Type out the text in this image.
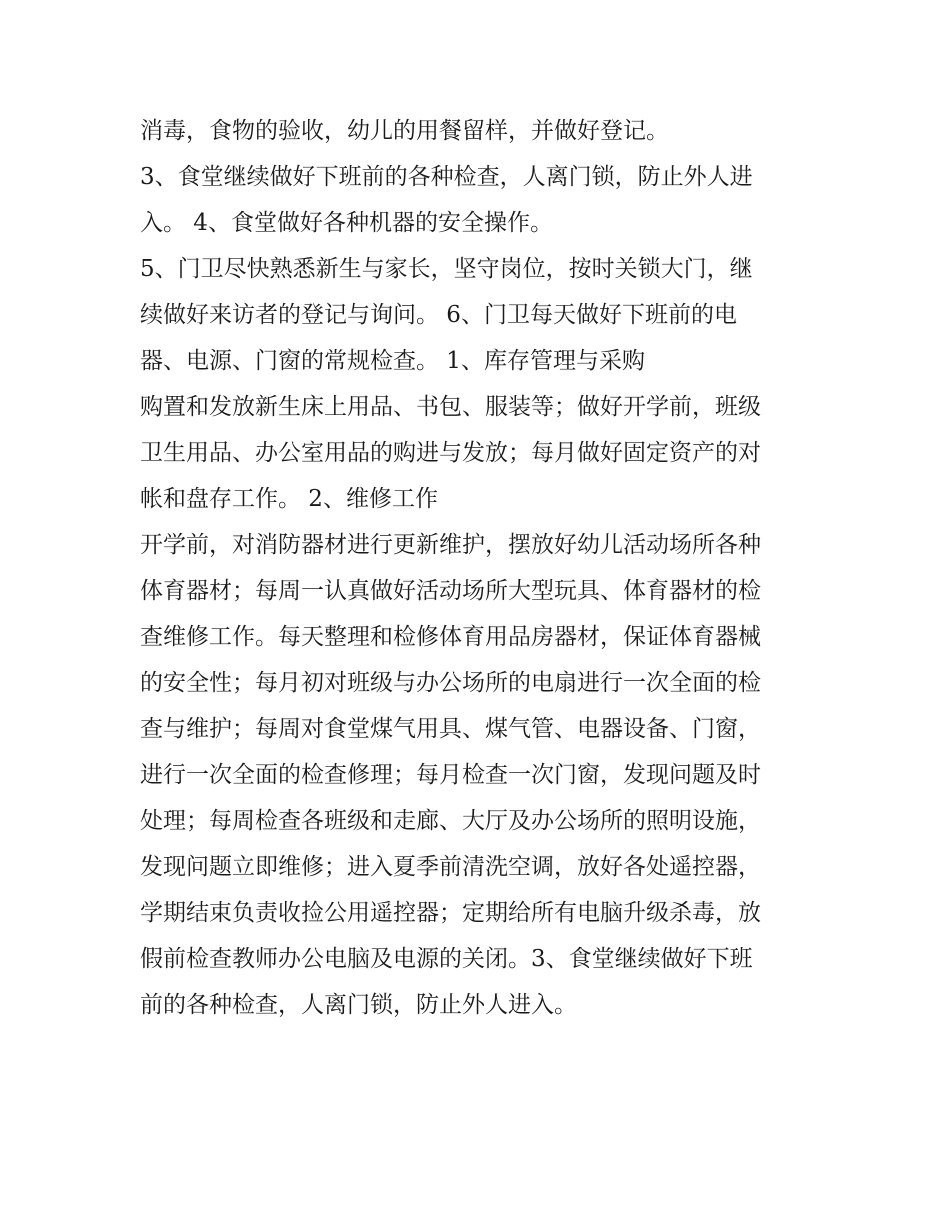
消毒，食物的验收，幼儿的用餐留样，并做好登记。
3、食堂继续做好下班前的各种检查，人离门锁，防止外人进
入。 4、食堂做好各种机器的安全操作。
5、门卫尽快熟悉新生与家长，坚守岗位，按时关锁大门，继
续做好来访者的登记与询问。 6、门卫每天做好下班前的电
器、电源、门窗的常规检查。 1、库存管理与采购
购置和发放新生床上用品、书包、服装等；做好开学前，班级
卫生用品、办公室用品的购进与发放；每月做好固定资产的对
帐和盘存工作。 2、维修工作
开学前，对消防器材进行更新维护，摆放好幼儿活动场所各种
体育器材；每周一认真做好活动场所大型玩具、体育器材的检
查维修工作。每天整理和检修体育用品房器材，保证体育器械
的安全性；每月初对班级与办公场所的电扇进行一次全面的检
查与维护；每周对食堂煤气用具、煤气管、电器设备、门窗，
进行一次全面的检查修理；每月检查一次门窗，发现问题及时
处理；每周检查各班级和走廊、大厅及办公场所的照明设施，
发现问题立即维修；进入夏季前清洗空调，放好各处遥控器，
学期结束负责收捡公用遥控器；定期给所有电脑升级杀毒，放
假前检查教师办公电脑及电源的关闭。3、食堂继续做好下班
前的各种检查，人离门锁，防止外人进入。
